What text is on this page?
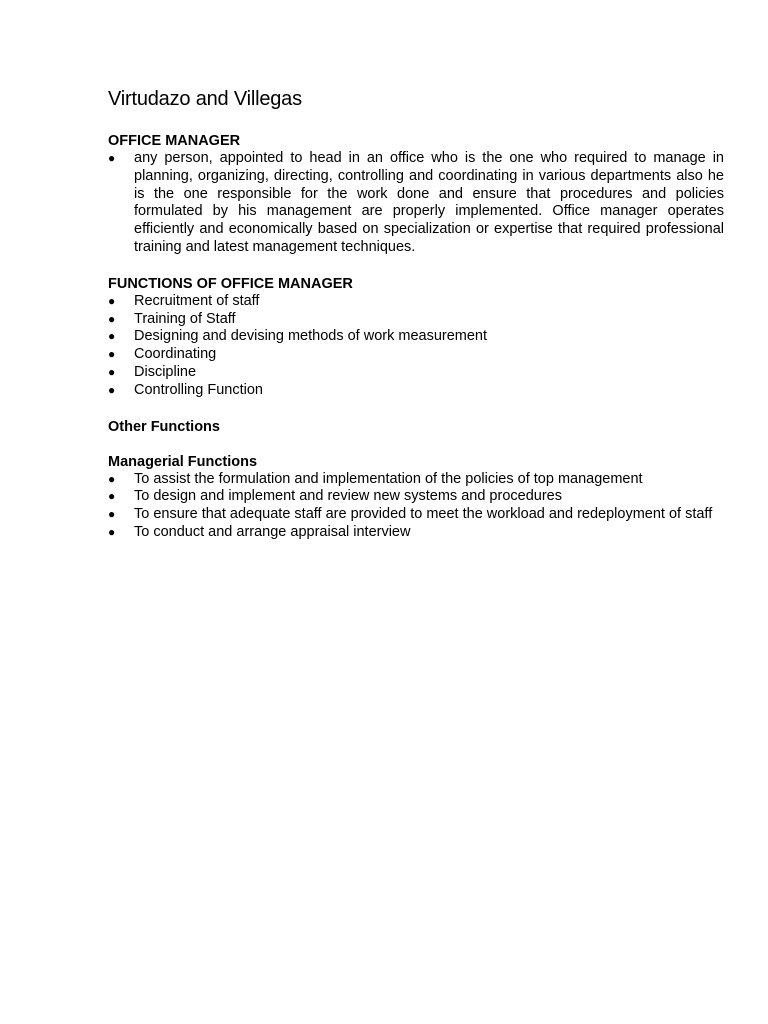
Virtudazo and Villegas
OFFICE MANAGER
● any person, appointed to head in an office who is the one who required to manage in planning, organizing, directing, controlling and coordinating in various departments also he is the one responsible for the work done and ensure that procedures and policies formulated by his management are properly implemented. Office manager operates efficiently and economically based on specialization or expertise that required professional training and latest management techniques.
FUNCTIONS OF OFFICE MANAGER
● Recruitment of staff
● Training of Staff
● Designing and devising methods of work measurement
● Coordinating
● Discipline
● Controlling Function
Other Functions
Managerial Functions
● To assist the formulation and implementation of the policies of top management
● To design and implement and review new systems and procedures
● To ensure that adequate staff are provided to meet the workload and redeployment of staff
● To conduct and arrange appraisal interview
